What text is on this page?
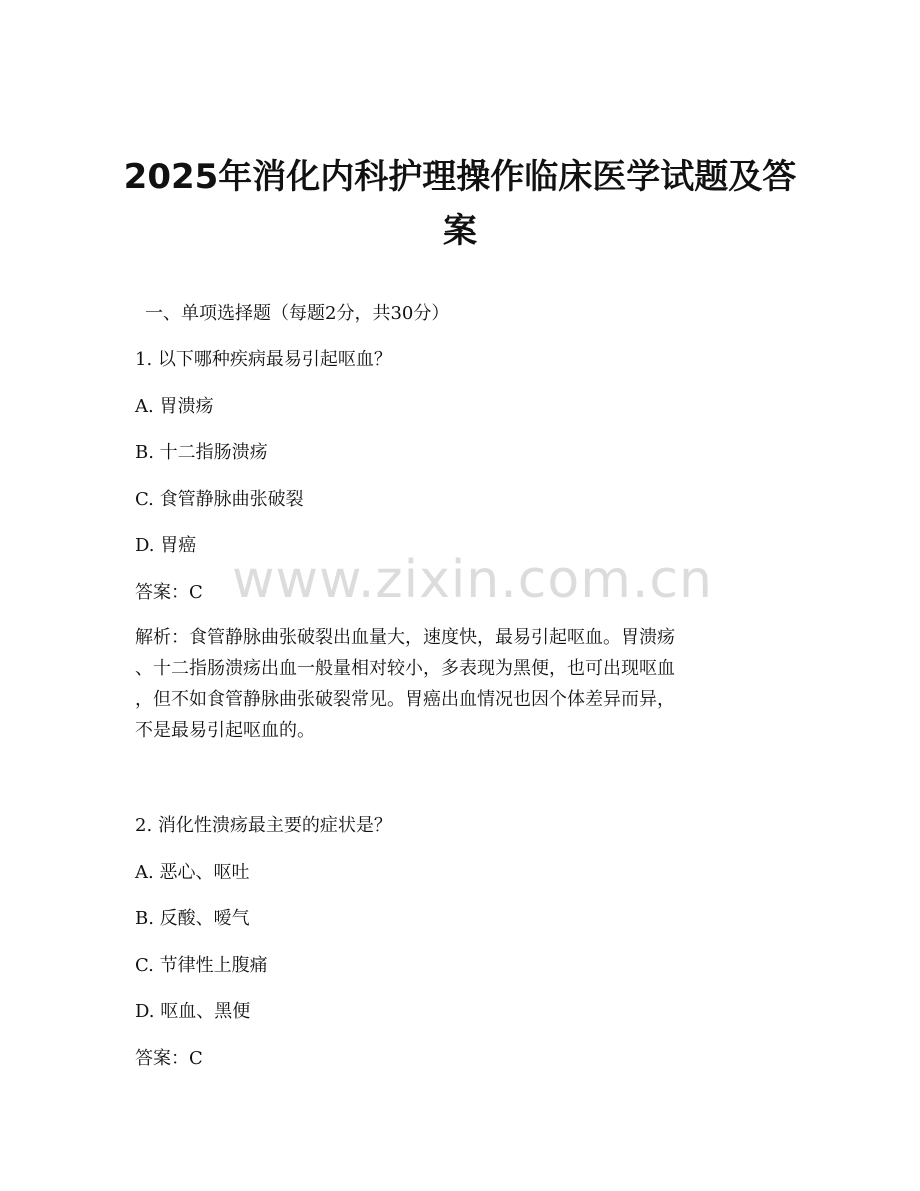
2025年消化内科护理操作临床医学试题及答
案

一、单项选择题（每题2分，共30分）

1. 以下哪种疾病最易引起呕血？

A. 胃溃疡

B. 十二指肠溃疡

C. 食管静脉曲张破裂

D. 胃癌

答案：C

解析：食管静脉曲张破裂出血量大，速度快，最易引起呕血。胃溃疡
、十二指肠溃疡出血一般量相对较小，多表现为黑便，也可出现呕血
，但不如食管静脉曲张破裂常见。胃癌出血情况也因个体差异而异，
不是最易引起呕血的。

2. 消化性溃疡最主要的症状是？

A. 恶心、呕吐

B. 反酸、嗳气

C. 节律性上腹痛

D. 呕血、黑便

答案：C

www.zixin.com.cn
